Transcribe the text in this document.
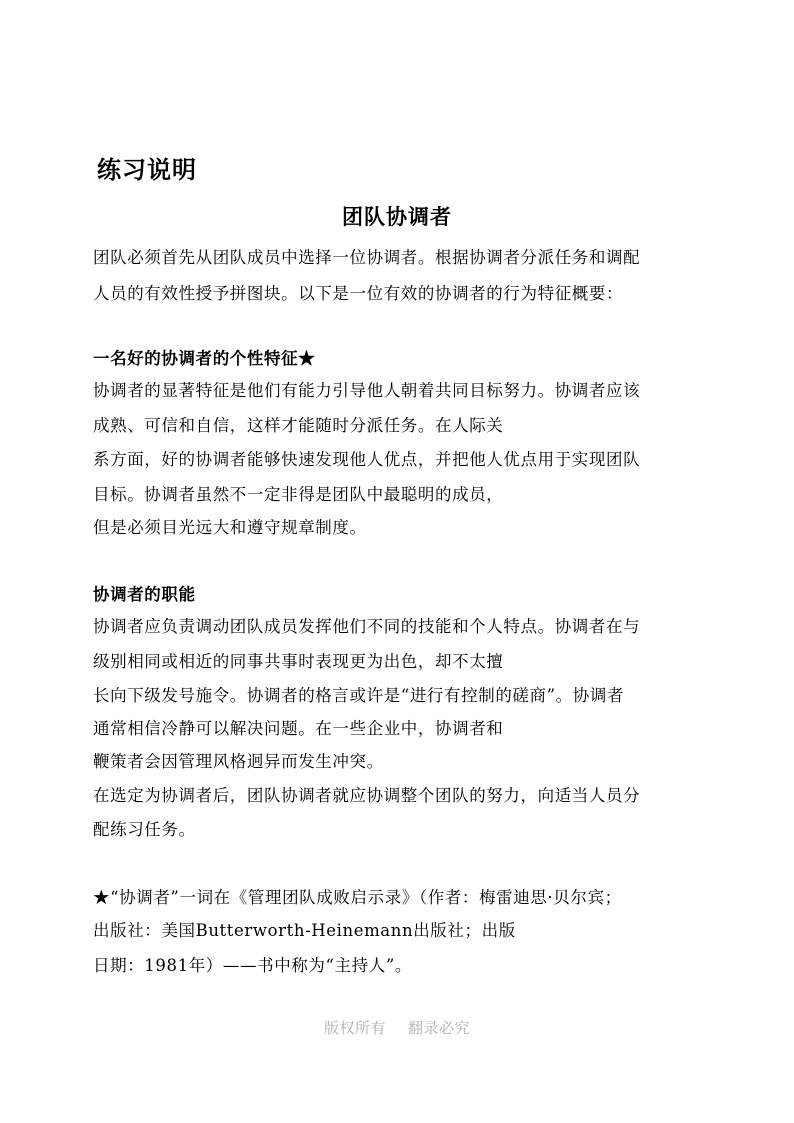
练习说明
团队协调者
团队必须首先从团队成员中选择一位协调者。根据协调者分派任务和调配
人员的有效性授予拼图块。以下是一位有效的协调者的行为特征概要：
一名好的协调者的个性特征★
协调者的显著特征是他们有能力引导他人朝着共同目标努力。协调者应该
成熟、可信和自信，这样才能随时分派任务。在人际关
系方面，好的协调者能够快速发现他人优点，并把他人优点用于实现团队
目标。协调者虽然不一定非得是团队中最聪明的成员，
但是必须目光远大和遵守规章制度。
协调者的职能
协调者应负责调动团队成员发挥他们不同的技能和个人特点。协调者在与
级别相同或相近的同事共事时表现更为出色，却不太擅
长向下级发号施令。协调者的格言或许是“进行有控制的磋商”。协调者
通常相信冷静可以解决问题。在一些企业中，协调者和
鞭策者会因管理风格迥异而发生冲突。
在选定为协调者后，团队协调者就应协调整个团队的努力，向适当人员分
配练习任务。
★“协调者”一词在《管理团队成败启示录》（作者：梅雷迪思·贝尔宾；
出版社：美国Butterworth-Heinemann出版社；出版
日期：1981年）——书中称为“主持人”。
版权所有 翻录必究
